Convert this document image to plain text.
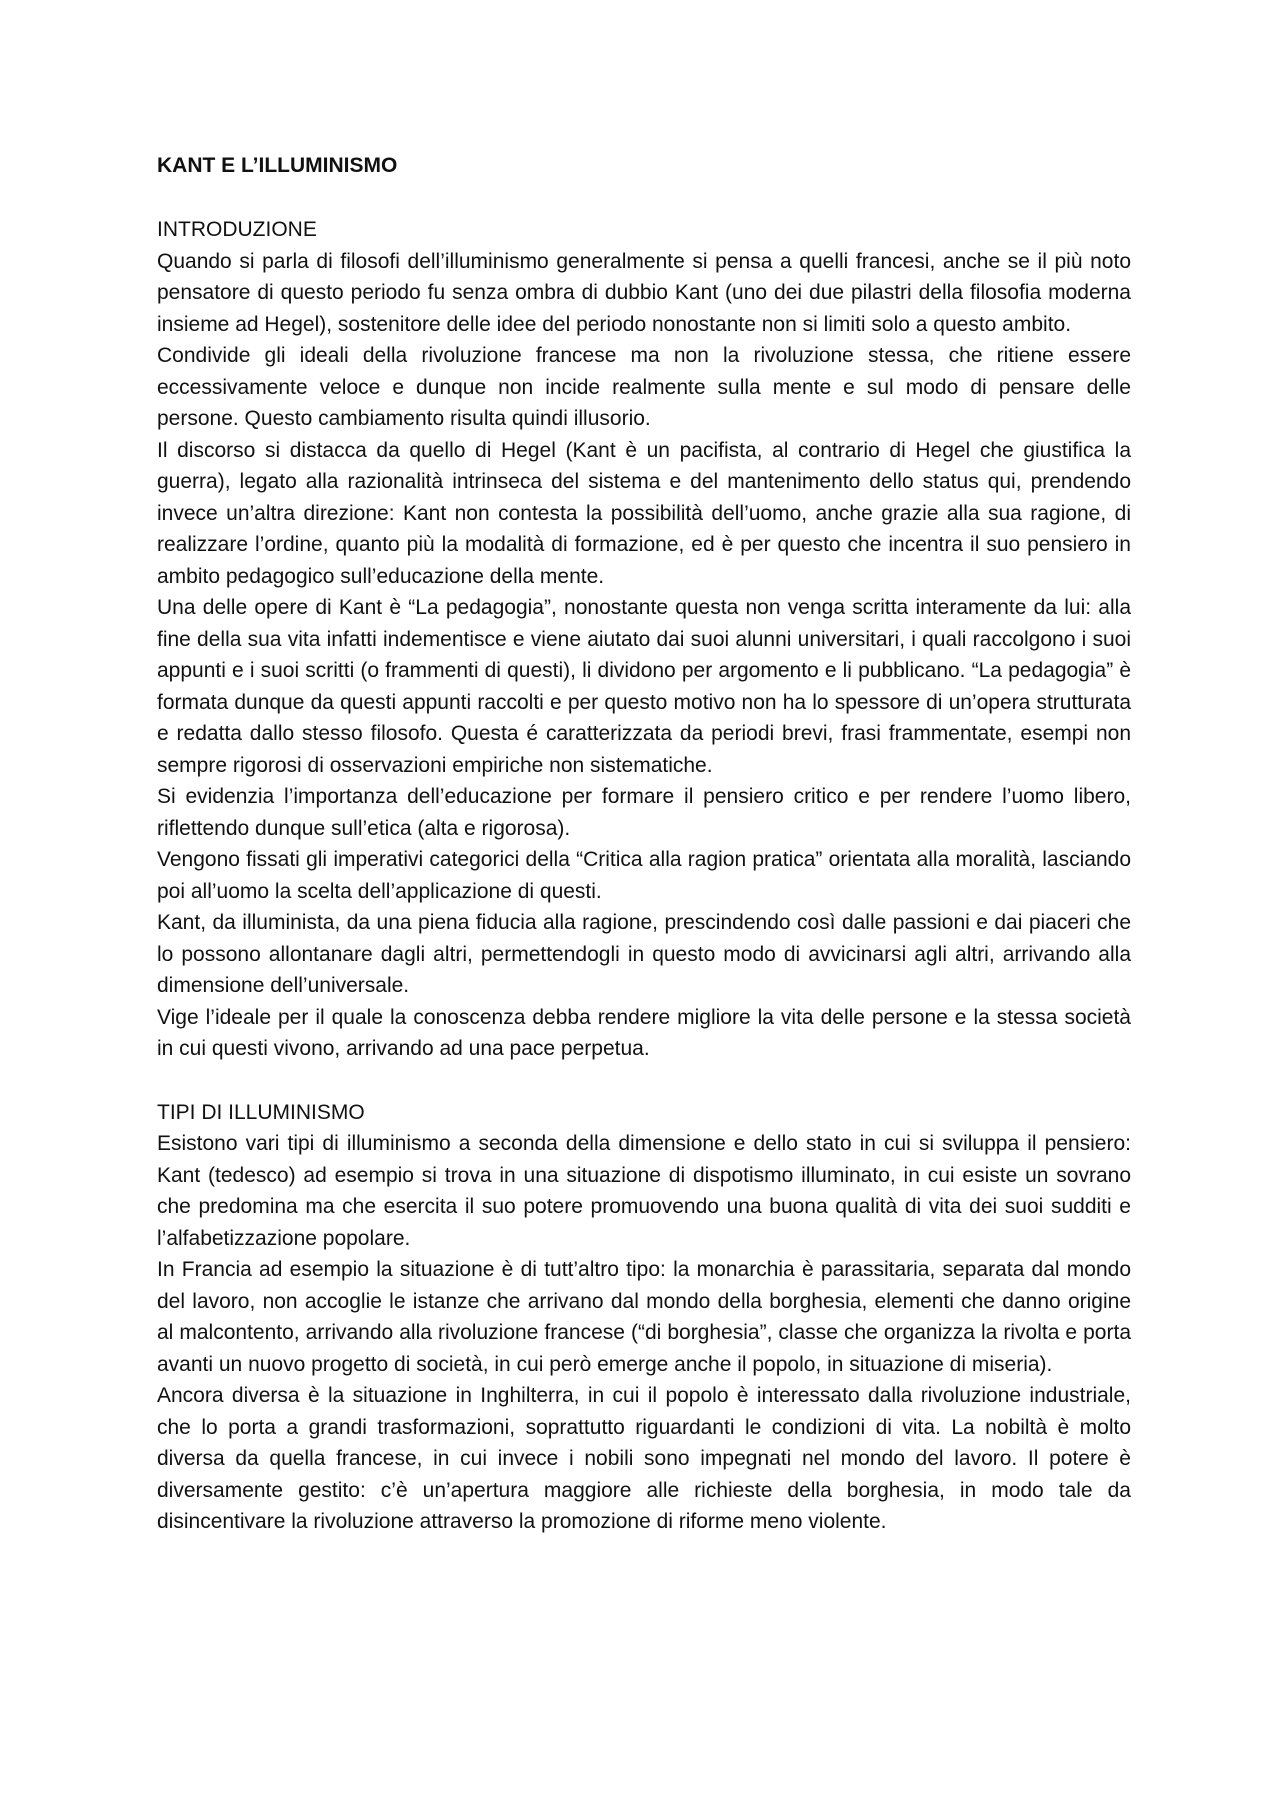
KANT E L’ILLUMINISMO
INTRODUZIONE

Quando si parla di filosofi dell’illuminismo generalmente si pensa a quelli francesi, anche se il più noto pensatore di questo periodo fu senza ombra di dubbio Kant (uno dei due pilastri della filosofia moderna insieme ad Hegel), sostenitore delle idee del periodo nonostante non si limiti solo a questo ambito.

Condivide gli ideali della rivoluzione francese ma non la rivoluzione stessa, che ritiene essere eccessivamente veloce e dunque non incide realmente sulla mente e sul modo di pensare delle persone. Questo cambiamento risulta quindi illusorio.

Il discorso si distacca da quello di Hegel (Kant è un pacifista, al contrario di Hegel che giustifica la guerra), legato alla razionalità intrinseca del sistema e del mantenimento dello status qui, prendendo invece un’altra direzione: Kant non contesta la possibilità dell’uomo, anche grazie alla sua ragione, di realizzare l’ordine, quanto più la modalità di formazione, ed è per questo che incentra il suo pensiero in ambito pedagogico sull’educazione della mente.

Una delle opere di Kant è “La pedagogia”, nonostante questa non venga scritta interamente da lui: alla fine della sua vita infatti indementisce e viene aiutato dai suoi alunni universitari, i quali raccolgono i suoi appunti e i suoi scritti (o frammenti di questi), li dividono per argomento e li pubblicano. “La pedagogia” è formata dunque da questi appunti raccolti e per questo motivo non ha lo spessore di un’opera strutturata e redatta dallo stesso filosofo. Questa é caratterizzata da periodi brevi, frasi frammentate, esempi non sempre rigorosi di osservazioni empiriche non sistematiche.

Si evidenzia l’importanza dell’educazione per formare il pensiero critico e per rendere l’uomo libero, riflettendo dunque sull’etica (alta e rigorosa).

Vengono fissati gli imperativi categorici della “Critica alla ragion pratica” orientata alla moralità, lasciando poi all’uomo la scelta dell’applicazione di questi.

Kant, da illuminista, da una piena fiducia alla ragione, prescindendo così dalle passioni e dai piaceri che lo possono allontanare dagli altri, permettendogli in questo modo di avvicinarsi agli altri, arrivando alla dimensione dell’universale.

Vige l’ideale per il quale la conoscenza debba rendere migliore la vita delle persone e la stessa società in cui questi vivono, arrivando ad una pace perpetua.

TIPI DI ILLUMINISMO

Esistono vari tipi di illuminismo a seconda della dimensione e dello stato in cui si sviluppa il pensiero: Kant (tedesco) ad esempio si trova in una situazione di dispotismo illuminato, in cui esiste un sovrano che predomina ma che esercita il suo potere promuovendo una buona qualità di vita dei suoi sudditi e l’alfabetizzazione popolare.

In Francia ad esempio la situazione è di tutt’altro tipo: la monarchia è parassitaria, separata dal mondo del lavoro, non accoglie le istanze che arrivano dal mondo della borghesia, elementi che danno origine al malcontento, arrivando alla rivoluzione francese (“di borghesia”, classe che organizza la rivolta e porta avanti un nuovo progetto di società, in cui però emerge anche il popolo, in situazione di miseria).

Ancora diversa è la situazione in Inghilterra, in cui il popolo è interessato dalla rivoluzione industriale, che lo porta a grandi trasformazioni, soprattutto riguardanti le condizioni di vita. La nobiltà è molto diversa da quella francese, in cui invece i nobili sono impegnati nel mondo del lavoro. Il potere è diversamente gestito: c’è un’apertura maggiore alle richieste della borghesia, in modo tale da disincentivare la rivoluzione attraverso la promozione di riforme meno violente.
